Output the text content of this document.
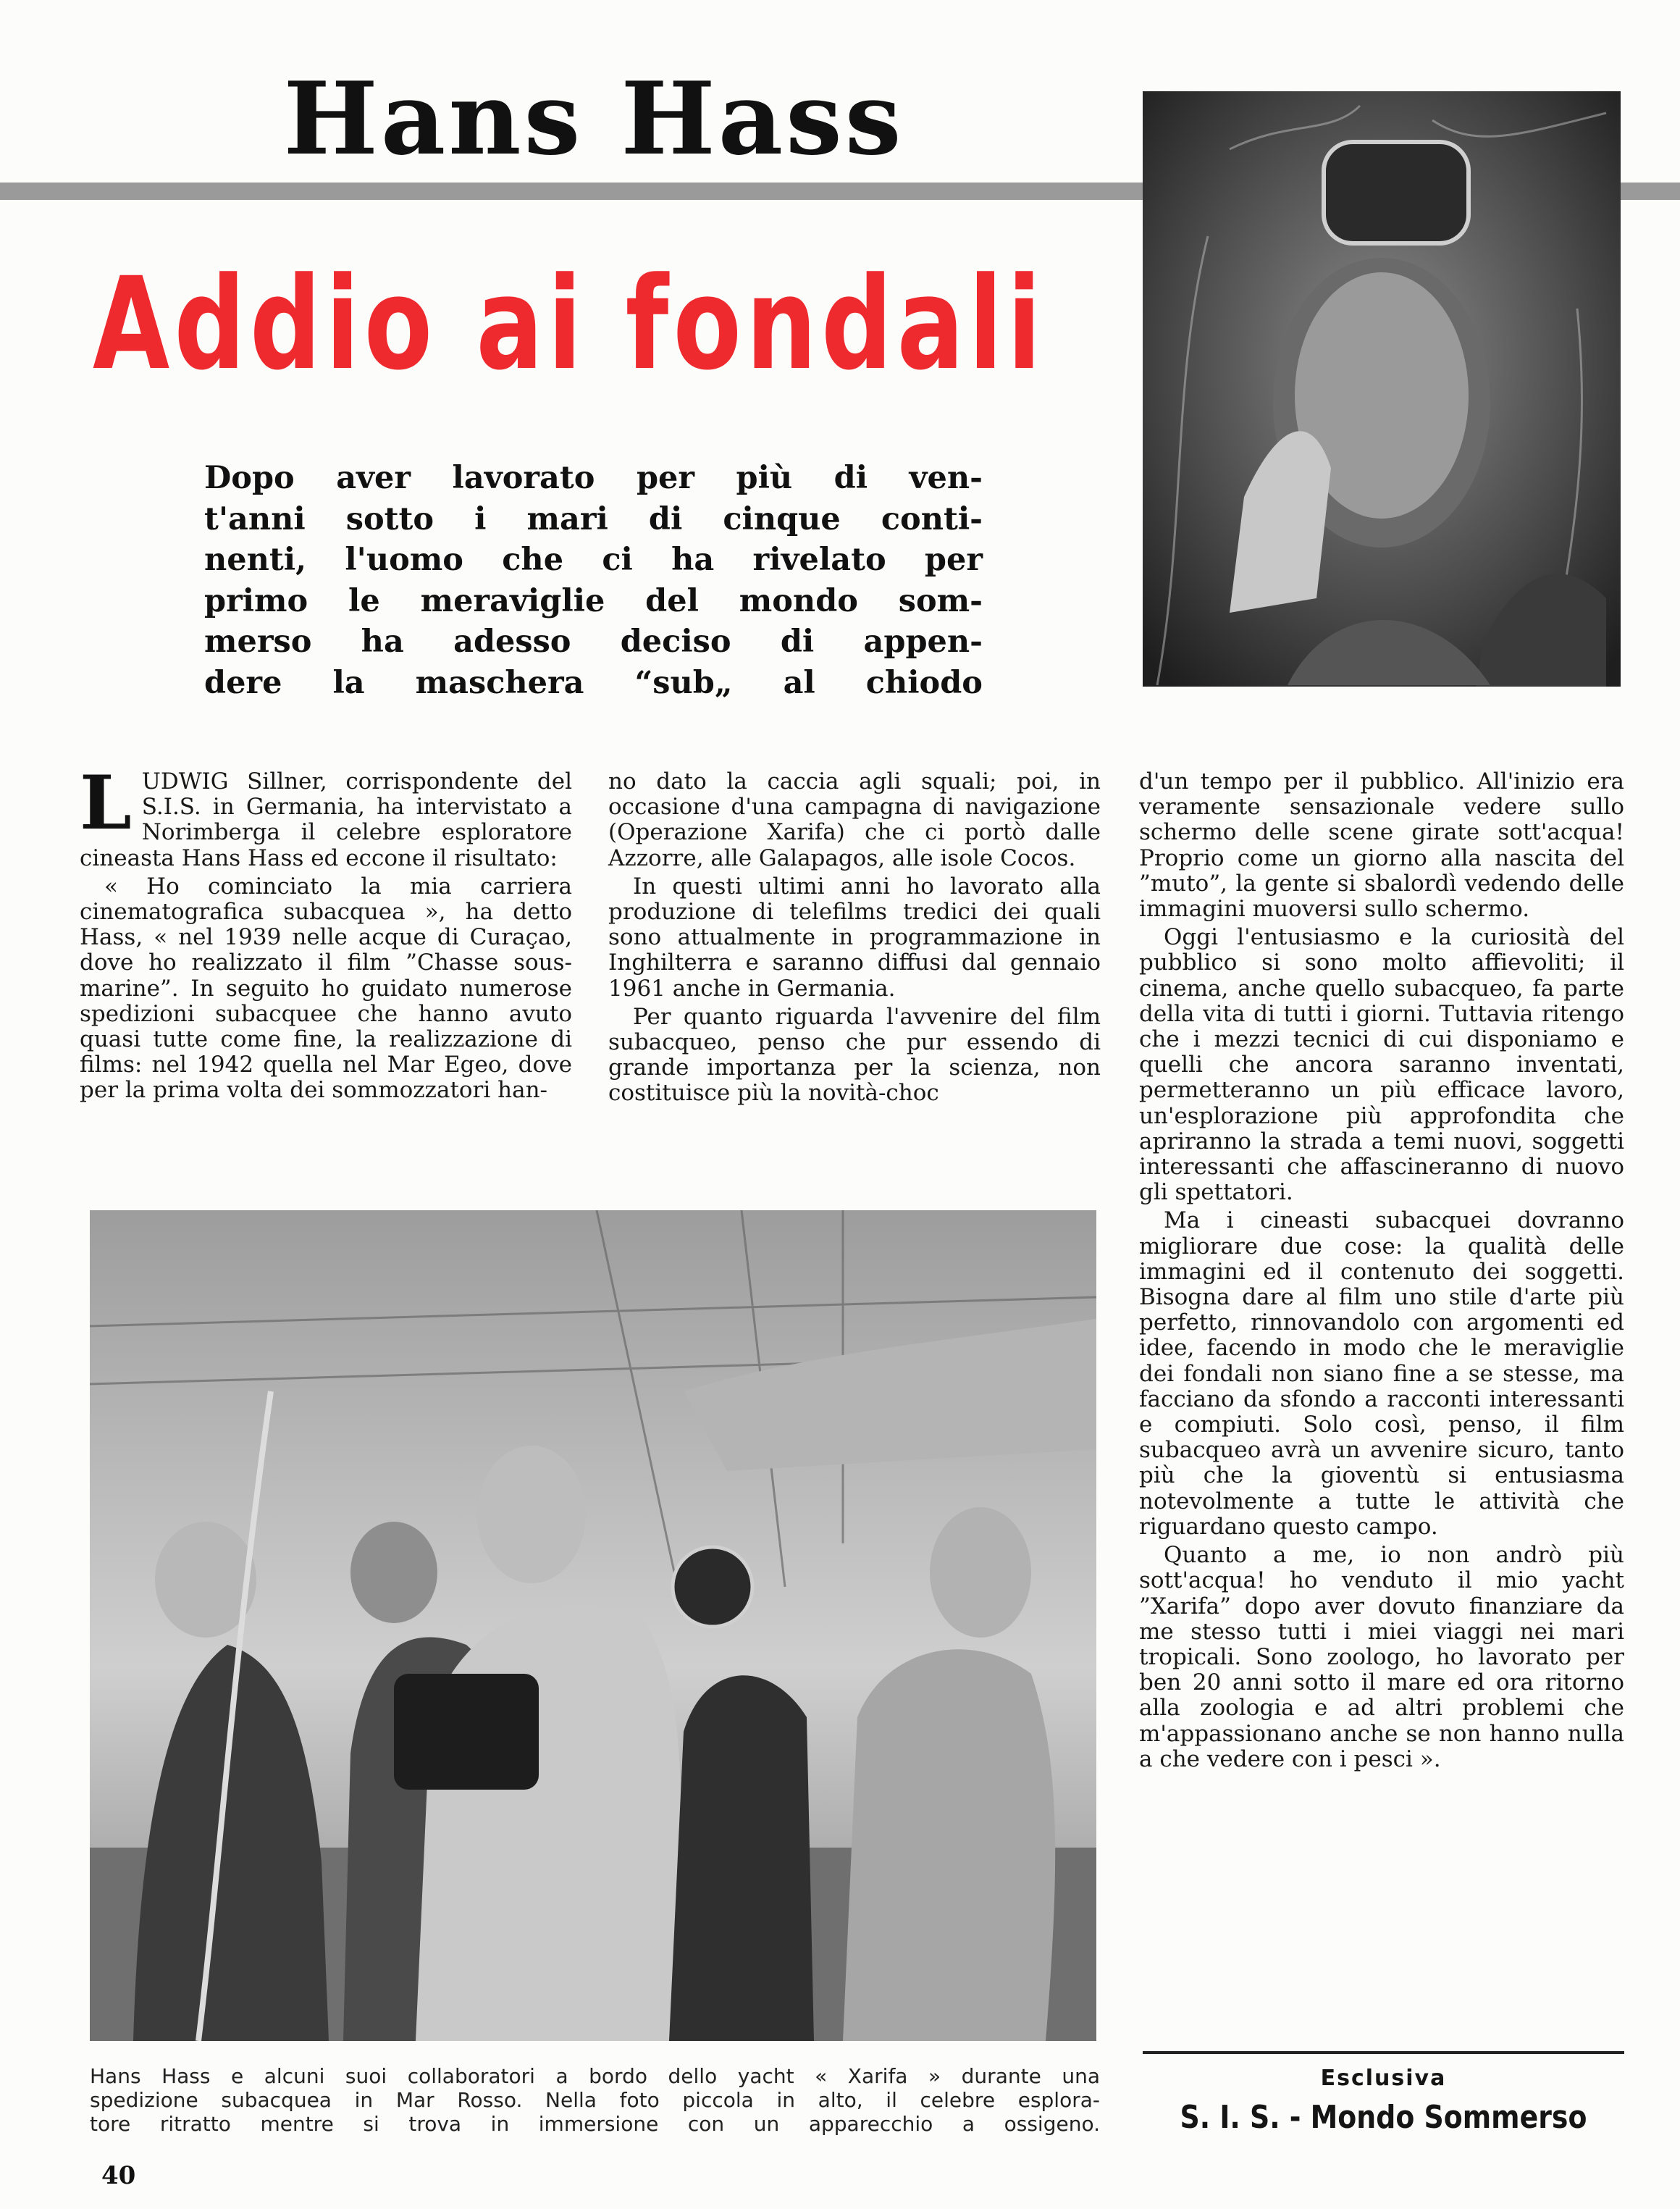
Hans Hass
Addio ai fondali
Dopo aver lavorato per più di ven-
t'anni sotto i mari di cinque conti-
nenti, l'uomo che ci ha rivelato per
primo le meraviglie del mondo som-
merso ha adesso deciso di appen-
dere la maschera “sub„ al chiodo

LUDWIG Sillner, corrispondente del S.I.S. in Germania, ha intervistato a Norimberga il celebre esploratore cineasta Hans Hass ed eccone il risultato:

« Ho cominciato la mia carriera cinematografica subacquea », ha detto Hass, « nel 1939 nelle acque di Curaçao, dove ho realizzato il film ”Chasse sous-marine”. In seguito ho guidato numerose spedizioni subacquee che hanno avuto quasi tutte come fine, la realizzazione di films: nel 1942 quella nel Mar Egeo, dove per la prima volta dei sommozzatori han-

no dato la caccia agli squali; poi, in occasione d'una campagna di navigazione (Operazione Xarifa) che ci portò dalle Azzorre, alle Galapagos, alle isole Cocos.

In questi ultimi anni ho lavorato alla produzione di telefilms tredici dei quali sono attualmente in programmazione in Inghilterra e saranno diffusi dal gennaio 1961 anche in Germania.

Per quanto riguarda l'avvenire del film subacqueo, penso che pur essendo di grande importanza per la scienza, non costituisce più la novità-choc

d'un tempo per il pubblico. All'inizio era veramente sensazionale vedere sullo schermo delle scene girate sott'acqua! Proprio come un giorno alla nascita del ”muto”, la gente si sbalordì vedendo delle immagini muoversi sullo schermo.

Oggi l'entusiasmo e la curiosità del pubblico si sono molto affievoliti; il cinema, anche quello subacqueo, fa parte della vita di tutti i giorni. Tuttavia ritengo che i mezzi tecnici di cui disponiamo e quelli che ancora saranno inventati, permetteranno un più efficace lavoro, un'esplorazione più approfondita che apriranno la strada a temi nuovi, soggetti interessanti che affascineranno di nuovo gli spettatori.

Ma i cineasti subacquei dovranno migliorare due cose: la qualità delle immagini ed il contenuto dei soggetti. Bisogna dare al film uno stile d'arte più perfetto, rinnovandolo con argomenti ed idee, facendo in modo che le meraviglie dei fondali non siano fine a se stesse, ma facciano da sfondo a racconti interessanti e compiuti. Solo così, penso, il film subacqueo avrà un avvenire sicuro, tanto più che la gioventù si entusiasma notevolmente a tutte le attività che riguardano questo campo.

Quanto a me, io non andrò più sott'acqua! ho venduto il mio yacht ”Xarifa” dopo aver dovuto finanziare da me stesso tutti i miei viaggi nei mari tropicali. Sono zoologo, ho lavorato per ben 20 anni sotto il mare ed ora ritorno alla zoologia e ad altri problemi che m'appassionano anche se non hanno nulla a che vedere con i pesci ».

Hans Hass e alcuni suoi collaboratori a bordo dello yacht « Xarifa » durante una
spedizione subacquea in Mar Rosso. Nella foto piccola in alto, il celebre esplora-
tore ritratto mentre si trova in immersione con un apparecchio a ossigeno.
Esclusiva
S. I. S. - Mondo Sommerso
40
